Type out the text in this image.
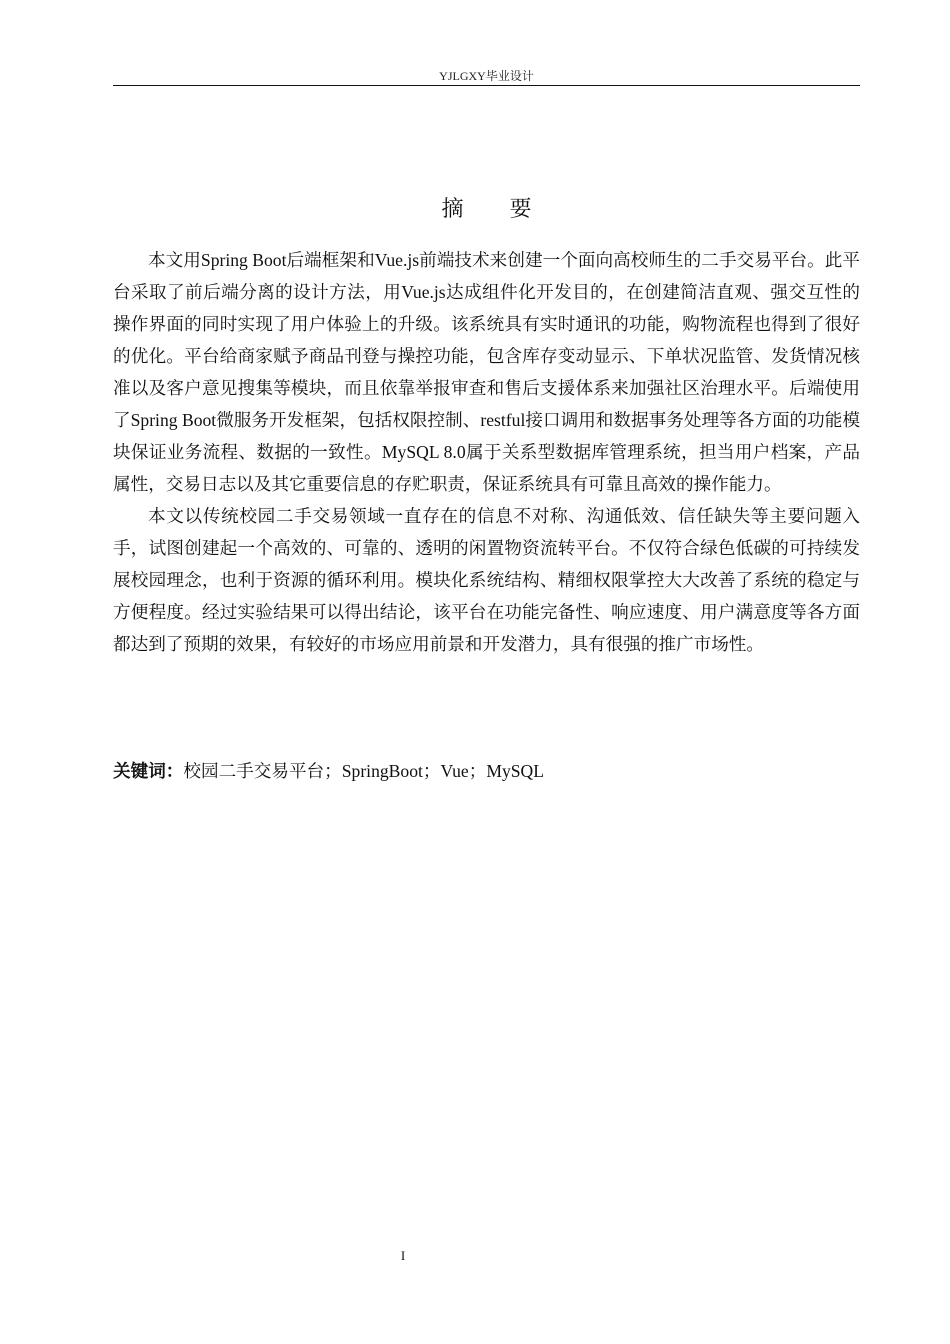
YJLGXY毕业设计
摘 要

本文用Spring Boot后端框架和Vue.js前端技术来创建一个面向高校师生的二手交易平台。此平台采取了前后端分离的设计方法，用Vue.js达成组件化开发目的，在创建简洁直观、强交互性的操作界面的同时实现了用户体验上的升级。该系统具有实时通讯的功能，购物流程也得到了很好的优化。平台给商家赋予商品刊登与操控功能，包含库存变动显示、下单状况监管、发货情况核准以及客户意见搜集等模块，而且依靠举报审查和售后支援体系来加强社区治理水平。后端使用了Spring Boot微服务开发框架，包括权限控制、restful接口调用和数据事务处理等各方面的功能模块保证业务流程、数据的一致性。MySQL 8.0属于关系型数据库管理系统，担当用户档案，产品属性，交易日志以及其它重要信息的存贮职责，保证系统具有可靠且高效的操作能力。

本文以传统校园二手交易领域一直存在的信息不对称、沟通低效、信任缺失等主要问题入手，试图创建起一个高效的、可靠的、透明的闲置物资流转平台。不仅符合绿色低碳的可持续发展校园理念，也利于资源的循环利用。模块化系统结构、精细权限掌控大大改善了系统的稳定与方便程度。经过实验结果可以得出结论，该平台在功能完备性、响应速度、用户满意度等各方面都达到了预期的效果，有较好的市场应用前景和开发潜力，具有很强的推广市场性。

关键词：校园二手交易平台；SpringBoot；Vue；MySQL
I
